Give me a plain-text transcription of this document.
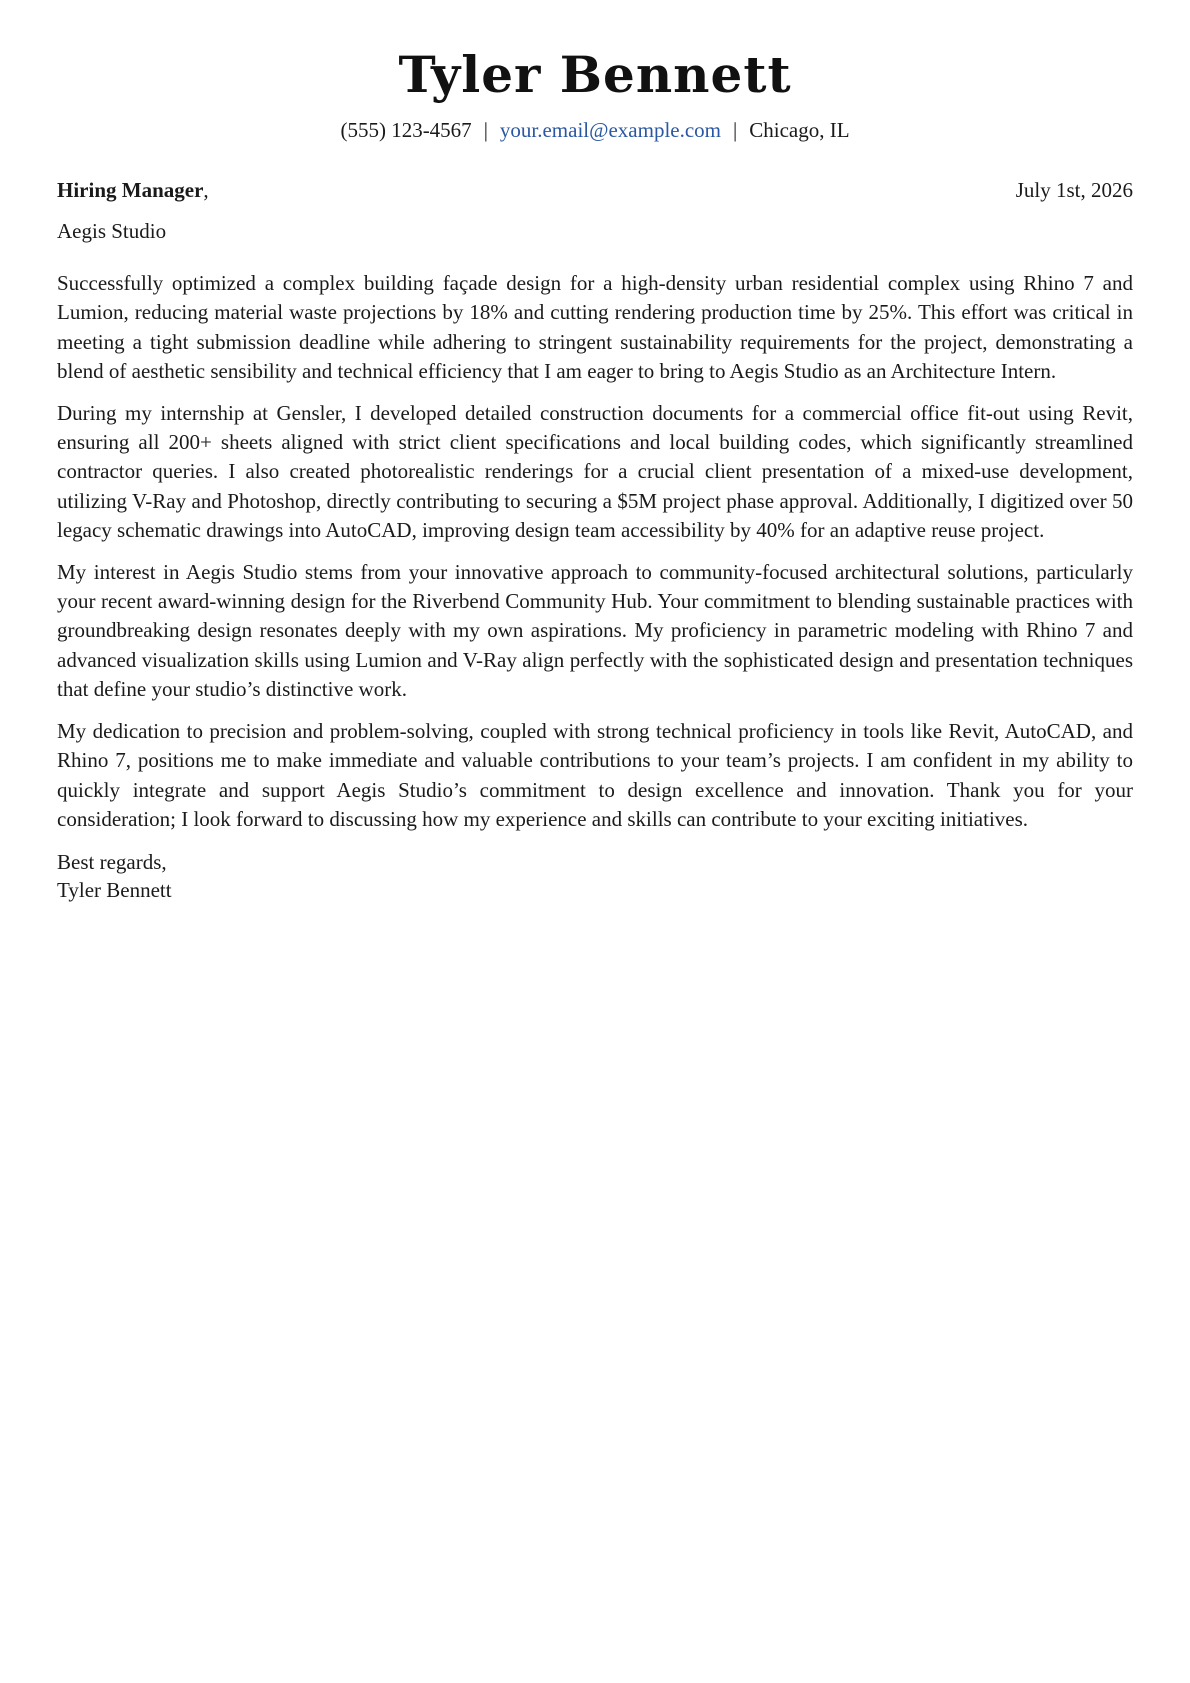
Tyler Bennett
(555) 123-4567 | your.email@example.com | Chicago, IL
Hiring Manager,	July 1st, 2026
Aegis Studio

Successfully optimized a complex building façade design for a high-density urban residential complex using Rhino 7 and Lumion, reducing material waste projections by 18% and cutting rendering production time by 25%. This effort was critical in meeting a tight submission deadline while adhering to stringent sustainability requirements for the project, demonstrating a blend of aesthetic sensibility and technical efficiency that I am eager to bring to Aegis Studio as an Architecture Intern.

During my internship at Gensler, I developed detailed construction documents for a commercial office fit-out using Revit, ensuring all 200+ sheets aligned with strict client specifications and local building codes, which significantly streamlined contractor queries. I also created photorealistic renderings for a crucial client presentation of a mixed-use development, utilizing V-Ray and Photoshop, directly contributing to securing a $5M project phase approval. Additionally, I digitized over 50 legacy schematic drawings into AutoCAD, improving design team accessibility by 40% for an adaptive reuse project.

My interest in Aegis Studio stems from your innovative approach to community-focused architectural solutions, particularly your recent award-winning design for the Riverbend Community Hub. Your commitment to blending sustainable practices with groundbreaking design resonates deeply with my own aspirations. My proficiency in parametric modeling with Rhino 7 and advanced visualization skills using Lumion and V-Ray align perfectly with the sophisticated design and presentation techniques that define your studio’s distinctive work.

My dedication to precision and problem-solving, coupled with strong technical proficiency in tools like Revit, AutoCAD, and Rhino 7, positions me to make immediate and valuable contributions to your team’s projects. I am confident in my ability to quickly integrate and support Aegis Studio’s commitment to design excellence and innovation. Thank you for your consideration; I look forward to discussing how my experience and skills can contribute to your exciting initiatives.

Best regards,
Tyler Bennett
